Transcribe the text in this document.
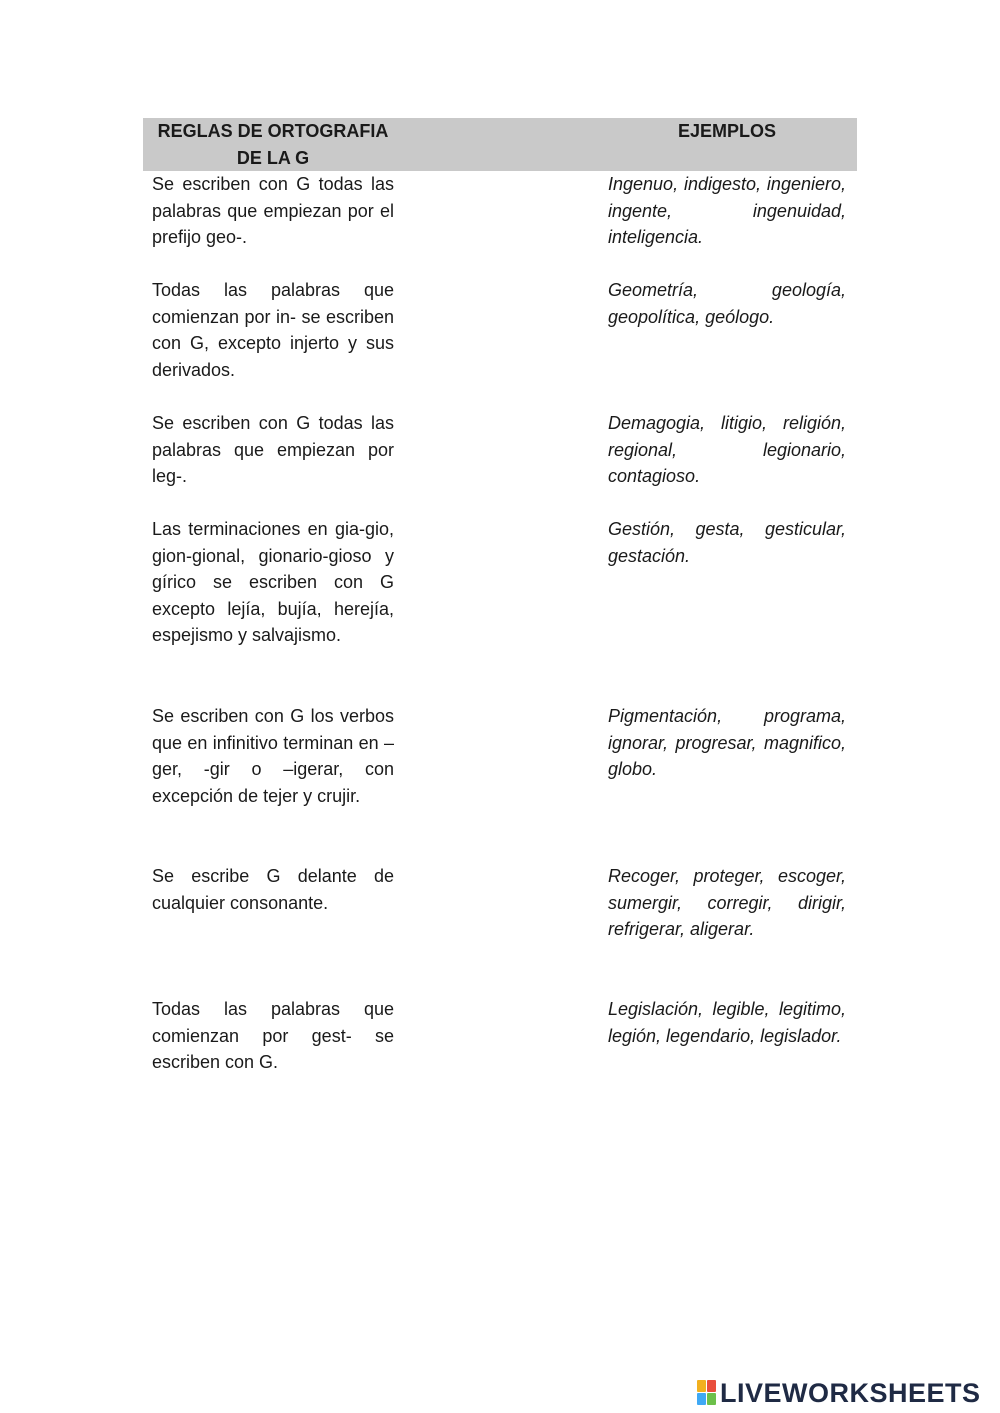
REGLAS DE ORTOGRAFIA DE LA G
EJEMPLOS

Se escriben con G todas las palabras que empiezan por el prefijo geo-.

Ingenuo, indigesto, ingeniero, ingente, ingenuidad, inteligencia.

Todas las palabras que comienzan por in- se escriben con G, excepto injerto y sus derivados.

Geometría, geología, geopolítica, geólogo.

Se escriben con G todas las palabras que empiezan por leg-.

Demagogia, litigio, religión, regional, legionario, contagioso.

Las terminaciones en gia-gio, gion-gional, gionario-gioso y gírico se escriben con G excepto lejía, bujía, herejía, espejismo y salvajismo.

Gestión, gesta, gesticular, gestación.

Se escriben con G los verbos que en infinitivo terminan en –ger, -gir o –igerar, con excepción de tejer y crujir.

Pigmentación, programa, ignorar, progresar, magnifico, globo.

Se escribe G delante de cualquier consonante.

Recoger, proteger, escoger, sumergir, corregir, dirigir, refrigerar, aligerar.

Todas las palabras que comienzan por gest- se escriben con G.

Legislación, legible, legitimo, legión, legendario, legislador.

LIVEWORKSHEETS
